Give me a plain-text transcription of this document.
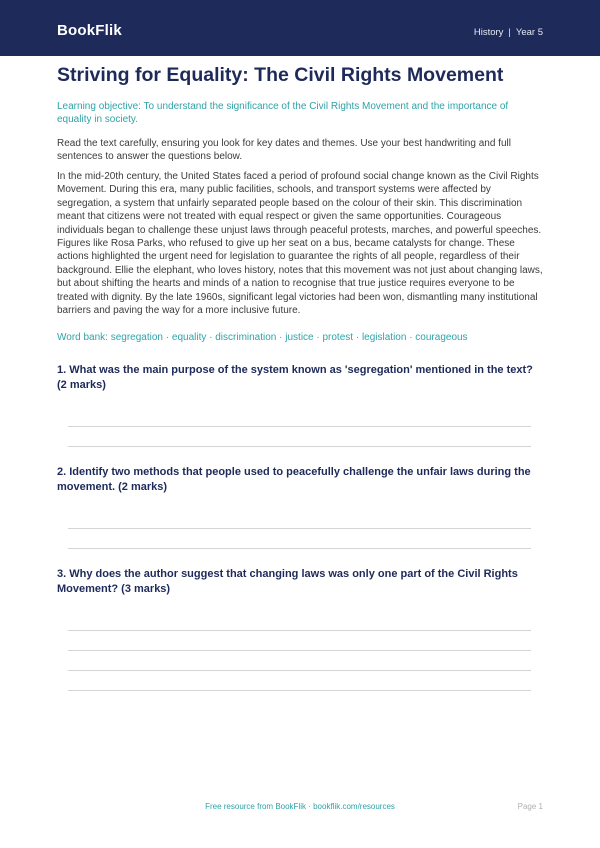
BookFlik	History | Year 5
Striving for Equality: The Civil Rights Movement

Learning objective: To understand the significance of the Civil Rights Movement and the importance of equality in society.

Read the text carefully, ensuring you look for key dates and themes. Use your best handwriting and full sentences to answer the questions below.

In the mid-20th century, the United States faced a period of profound social change known as the Civil Rights Movement. During this era, many public facilities, schools, and transport systems were affected by segregation, a system that unfairly separated people based on the colour of their skin. This discrimination meant that citizens were not treated with equal respect or given the same opportunities. Courageous individuals began to challenge these unjust laws through peaceful protests, marches, and powerful speeches. Figures like Rosa Parks, who refused to give up her seat on a bus, became catalysts for change. These actions highlighted the urgent need for legislation to guarantee the rights of all people, regardless of their background. Ellie the elephant, who loves history, notes that this movement was not just about changing laws, but about shifting the hearts and minds of a nation to recognise that true justice requires everyone to be treated with dignity. By the late 1960s, significant legal victories had been won, dismantling many institutional barriers and paving the way for a more inclusive future.

Word bank: segregation · equality · discrimination · justice · protest · legislation · courageous

1. What was the main purpose of the system known as 'segregation' mentioned in the text? (2 marks)

2. Identify two methods that people used to peacefully challenge the unfair laws during the movement. (2 marks)

3. Why does the author suggest that changing laws was only one part of the Civil Rights Movement? (3 marks)

Free resource from BookFlik · bookflik.com/resources	Page 1
